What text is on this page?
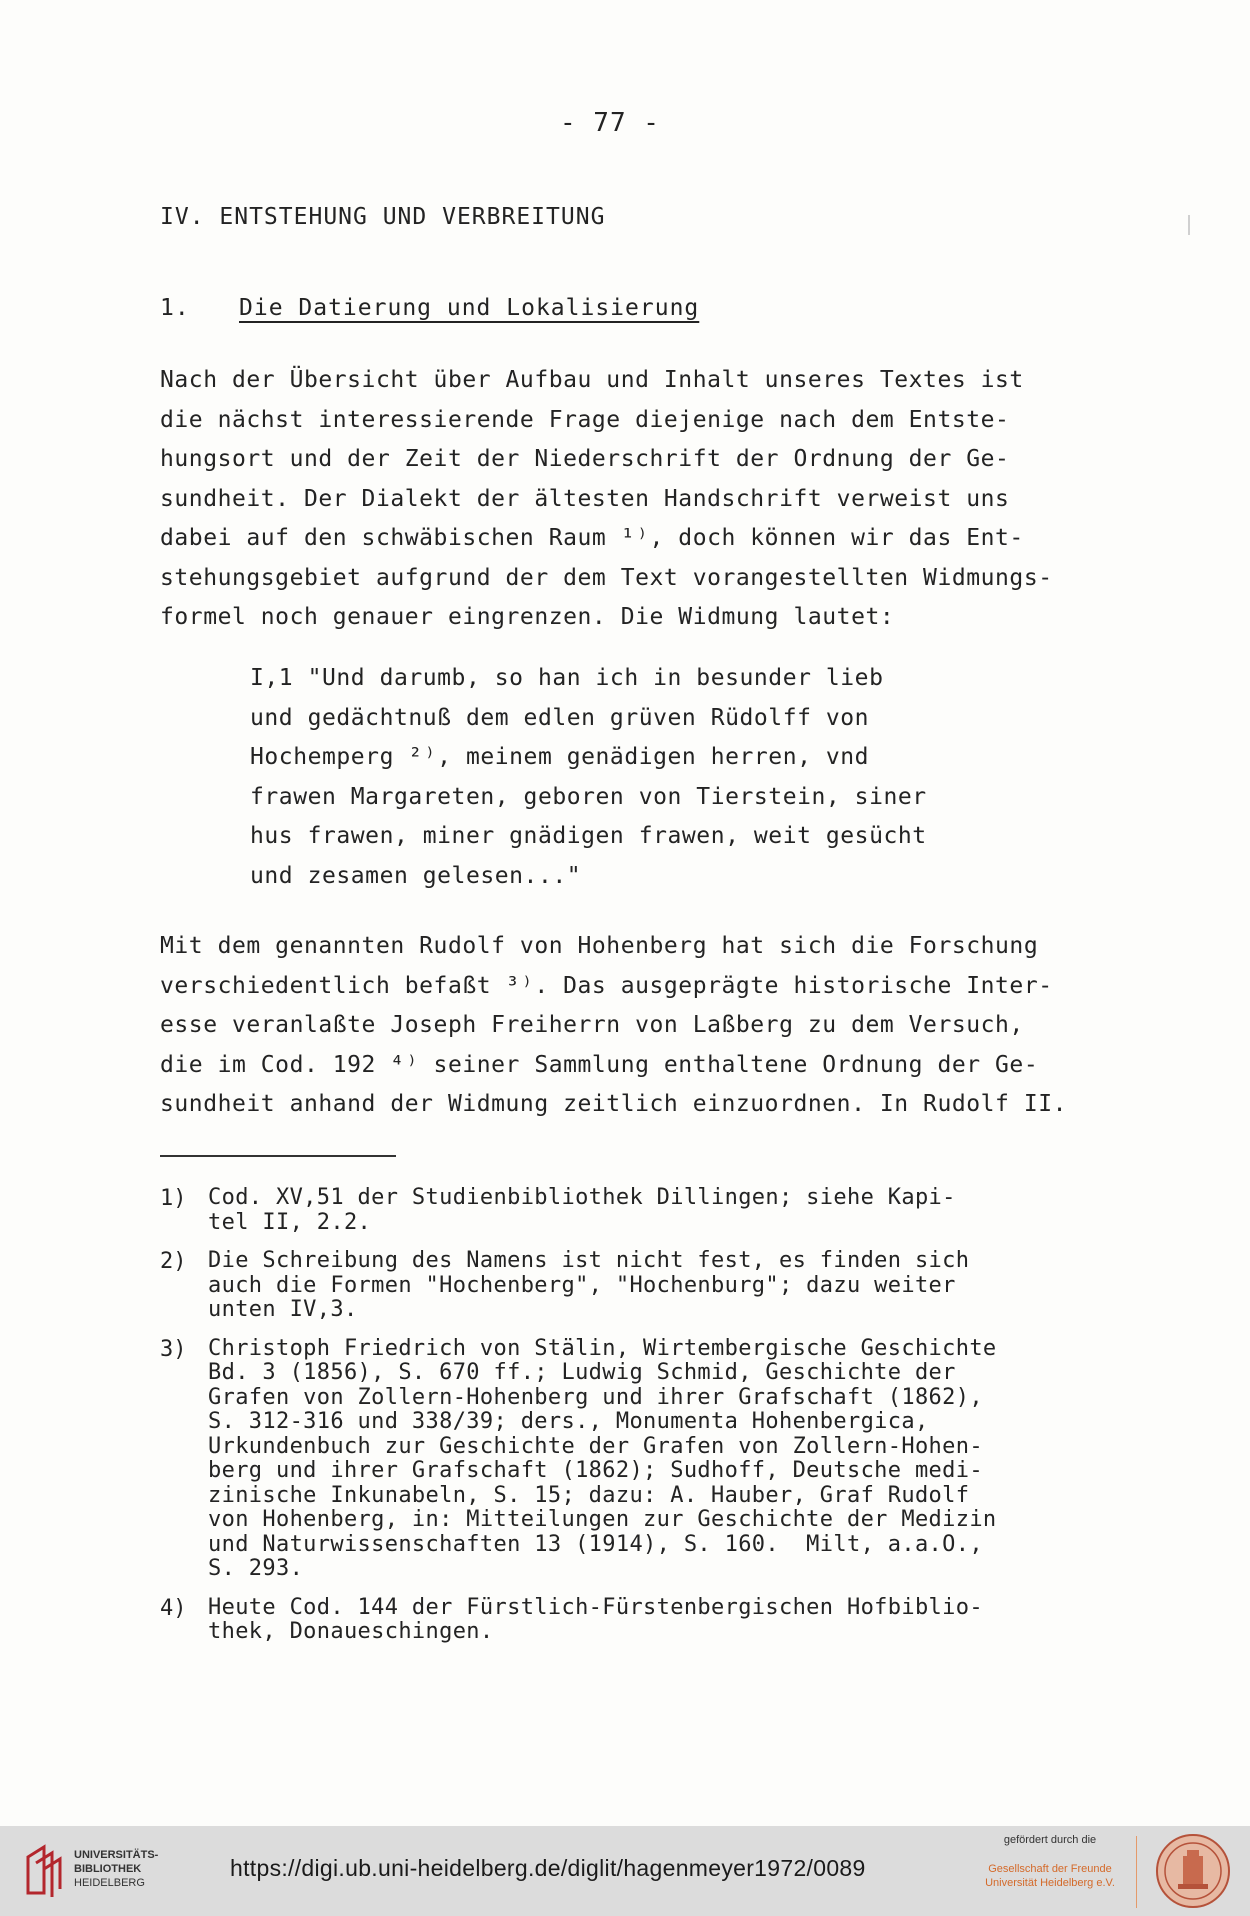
- 77 -
IV. ENTSTEHUNG UND VERBREITUNG
1. Die Datierung und Lokalisierung

Nach der Übersicht über Aufbau und Inhalt unseres Textes ist
die nächst interessierende Frage diejenige nach dem Entste-
hungsort und der Zeit der Niederschrift der Ordnung der Ge-
sundheit. Der Dialekt der ältesten Handschrift verweist uns
dabei auf den schwäbischen Raum ¹⁾, doch können wir das Ent-
stehungsgebiet aufgrund der dem Text vorangestellten Widmungs-
formel noch genauer eingrenzen. Die Widmung lautet:

I,1 "Und darumb, so han ich in besunder lieb
und gedächtnuß dem edlen grüven Rüdolff von
Hochemperg ²⁾, meinem genädigen herren, vnd
frawen Margareten, geboren von Tierstein, siner
hus frawen, miner gnädigen frawen, weit gesücht
und zesamen gelesen..."

Mit dem genannten Rudolf von Hohenberg hat sich die Forschung
verschiedentlich befaßt ³⁾. Das ausgeprägte historische Inter-
esse veranlaßte Joseph Freiherrn von Laßberg zu dem Versuch,
die im Cod. 192 ⁴⁾ seiner Sammlung enthaltene Ordnung der Ge-
sundheit anhand der Widmung zeitlich einzuordnen. In Rudolf II.

1) Cod. XV,51 der Studienbibliothek Dillingen; siehe Kapi-
tel II, 2.2.

2) Die Schreibung des Namens ist nicht fest, es finden sich
auch die Formen "Hochenberg", "Hochenburg"; dazu weiter
unten IV,3.

3) Christoph Friedrich von Stälin, Wirtembergische Geschichte
Bd. 3 (1856), S. 670 ff.; Ludwig Schmid, Geschichte der
Grafen von Zollern-Hohenberg und ihrer Grafschaft (1862),
S. 312-316 und 338/39; ders., Monumenta Hohenbergica,
Urkundenbuch zur Geschichte der Grafen von Zollern-Hohen-
berg und ihrer Grafschaft (1862); Sudhoff, Deutsche medi-
zinische Inkunabeln, S. 15; dazu: A. Hauber, Graf Rudolf
von Hohenberg, in: Mitteilungen zur Geschichte der Medizin
und Naturwissenschaften 13 (1914), S. 160.  Milt, a.a.O.,
S. 293.

4) Heute Cod. 144 der Fürstlich-Fürstenbergischen Hofbiblio-
thek, Donaueschingen.

UNIVERSITÄTS-
BIBLIOTHEK
HEIDELBERG
https://digi.ub.uni-heidelberg.de/diglit/hagenmeyer1972/0089
gefördert durch die
Gesellschaft der Freunde
Universität Heidelberg e.V.
